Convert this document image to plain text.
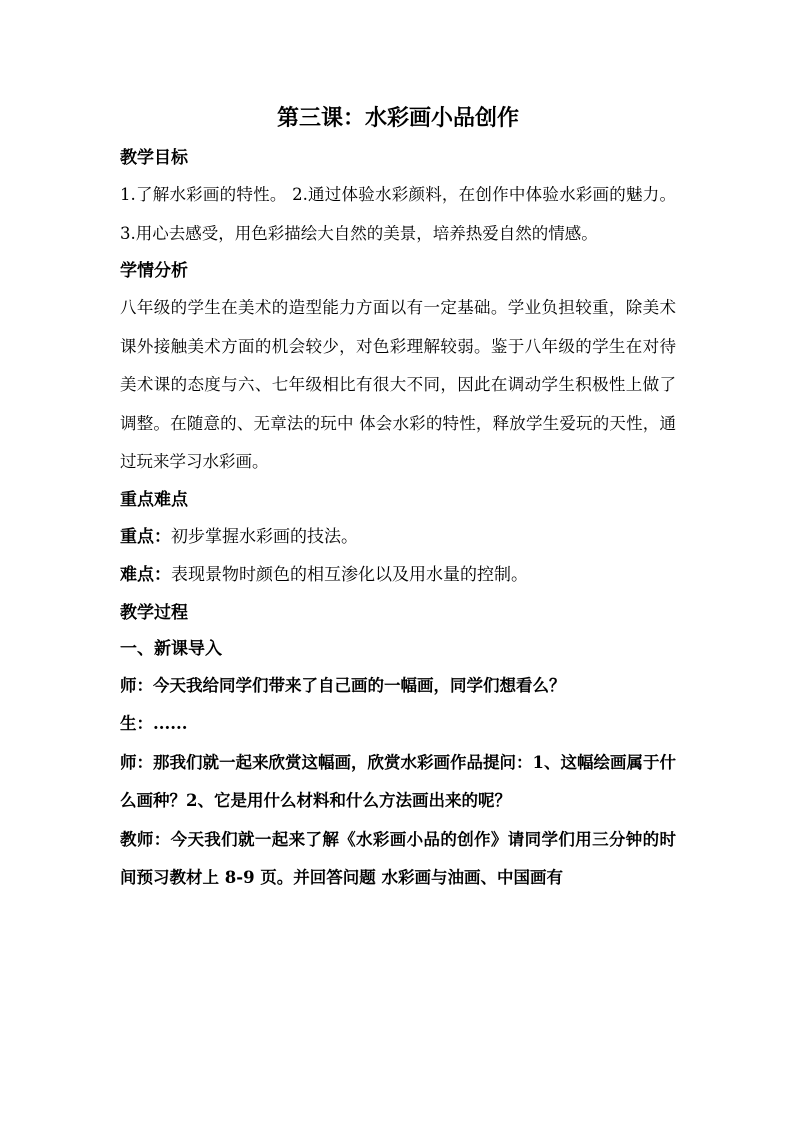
第三课：水彩画小品创作
教学目标

1.了解水彩画的特性。 2.通过体验水彩颜料，在创作中体验水彩画的魅力。 3.用心去感受，用色彩描绘大自然的美景，培养热爱自然的情感。

学情分析

八年级的学生在美术的造型能力方面以有一定基础。学业负担较重，除美术课外接触美术方面的机会较少，对色彩理解较弱。鉴于八年级的学生在对待美术课的态度与六、七年级相比有很大不同，因此在调动学生积极性上做了调整。在随意的、无章法的玩中 体会水彩的特性，释放学生爱玩的天性，通过玩来学习水彩画。

重点难点

重点：初步掌握水彩画的技法。

难点：表现景物时颜色的相互渗化以及用水量的控制。

教学过程
一、新课导入

师：今天我给同学们带来了自己画的一幅画，同学们想看么？

生：......

师：那我们就一起来欣赏这幅画，欣赏水彩画作品提问：1、这幅绘画属于什么画种？2、它是用什么材料和什么方法画出来的呢？

教师：今天我们就一起来了解《水彩画小品的创作》请同学们用三分钟的时间预习教材上 8-9 页。并回答问题 水彩画与油画、中国画有
